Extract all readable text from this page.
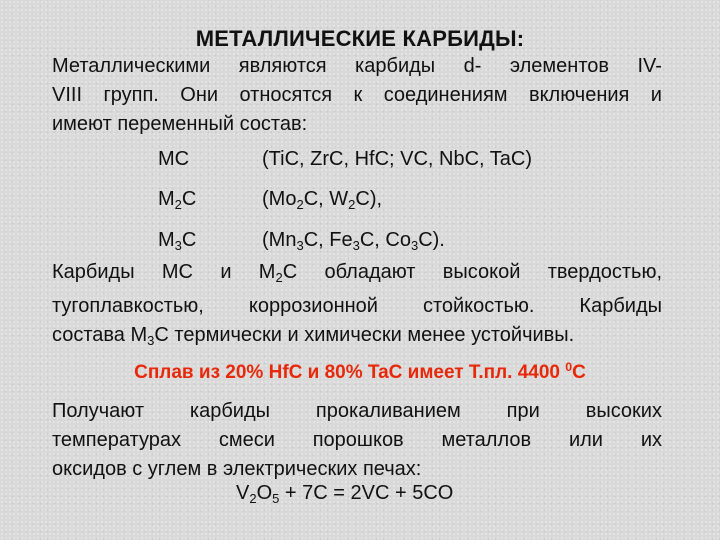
МЕТАЛЛИЧЕСКИЕ КАРБИДЫ:
Металлическими являются карбиды d- элементов IV-
VIII групп. Они относятся к соединениям включения и
имеют переменный состав:
MC	(TiC, ZrC, HfC; VC, NbC, TaC)
$M_2C$	($Mo_2C$, $W_2C$),
$M_3C$	($Mn_3C$, $Fe_3C$, $Co_3C$).
Карбиды MC и $M_2C$ обладают высокой твердостью,
тугоплавкостью, коррозионной стойкостью. Карбиды
состава $M_3C$ термически и химически менее устойчивы.
Сплав из 20% HfC и 80% TaC имеет Т.пл. 4400 $^0$C
Получают карбиды прокаливанием при высоких
температурах смеси порошков металлов или их
оксидов с углем в электрических печах:
$V_2O_5 + 7C = 2VC + 5CO$
